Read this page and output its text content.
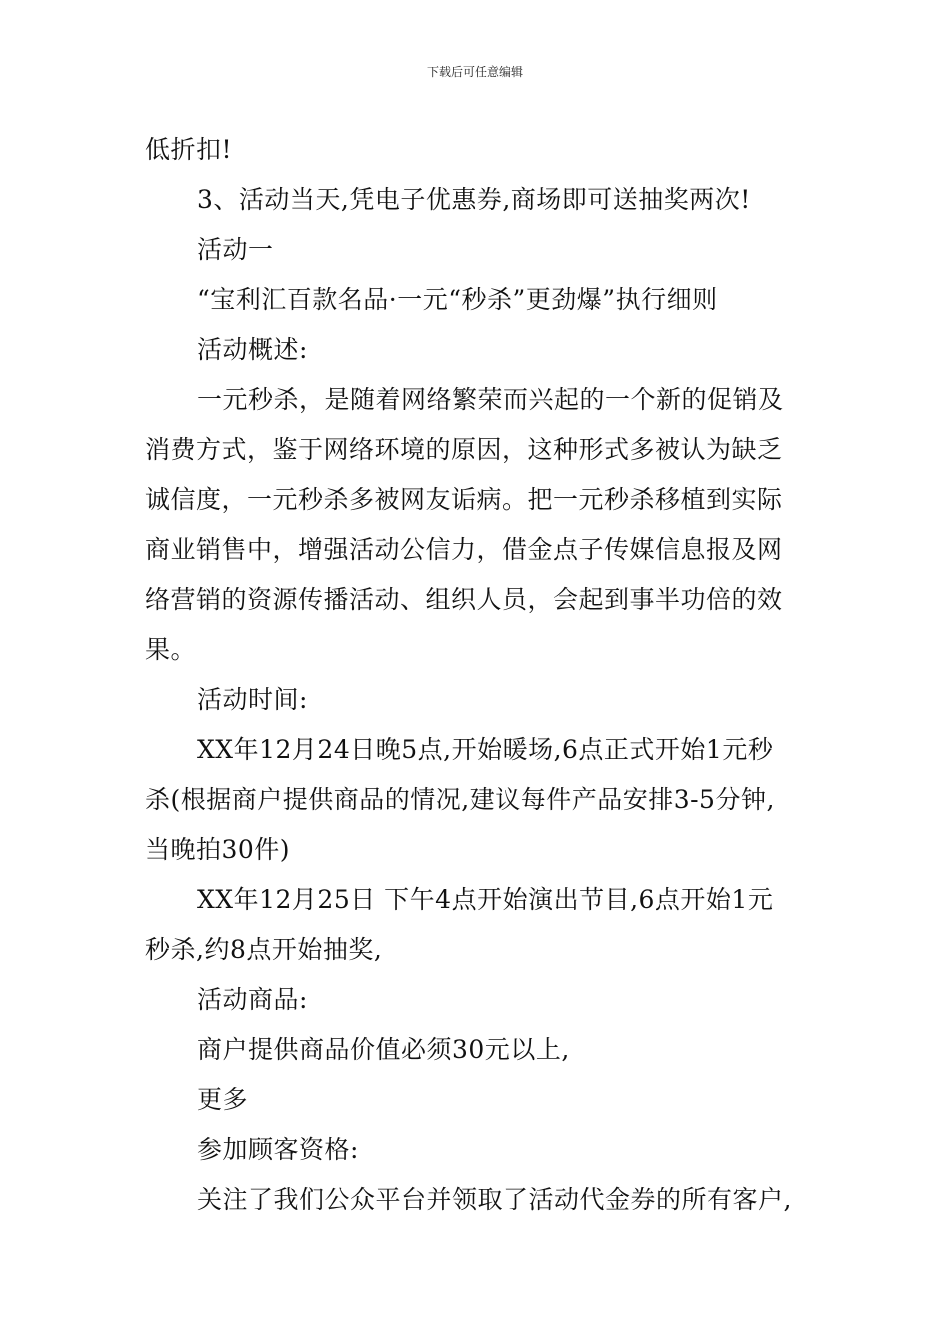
下载后可任意编辑
低折扣!
3、活动当天,凭电子优惠券,商场即可送抽奖两次!
活动一
“宝利汇百款名品·一元“秒杀”更劲爆”执行细则
活动概述:
一元秒杀，是随着网络繁荣而兴起的一个新的促销及
消费方式，鉴于网络环境的原因，这种形式多被认为缺乏
诚信度，一元秒杀多被网友诟病。把一元秒杀移植到实际
商业销售中，增强活动公信力，借金点子传媒信息报及网
络营销的资源传播活动、组织人员，会起到事半功倍的效
果。
活动时间:
XX年12月24日晚5点,开始暖场,6点正式开始1元秒
杀(根据商户提供商品的情况,建议每件产品安排3-5分钟,
当晚拍30件)
XX年12月25日 下午4点开始演出节目,6点开始1元
秒杀,约8点开始抽奖,
活动商品:
商户提供商品价值必须30元以上,
更多
参加顾客资格:
关注了我们公众平台并领取了活动代金券的所有客户,
